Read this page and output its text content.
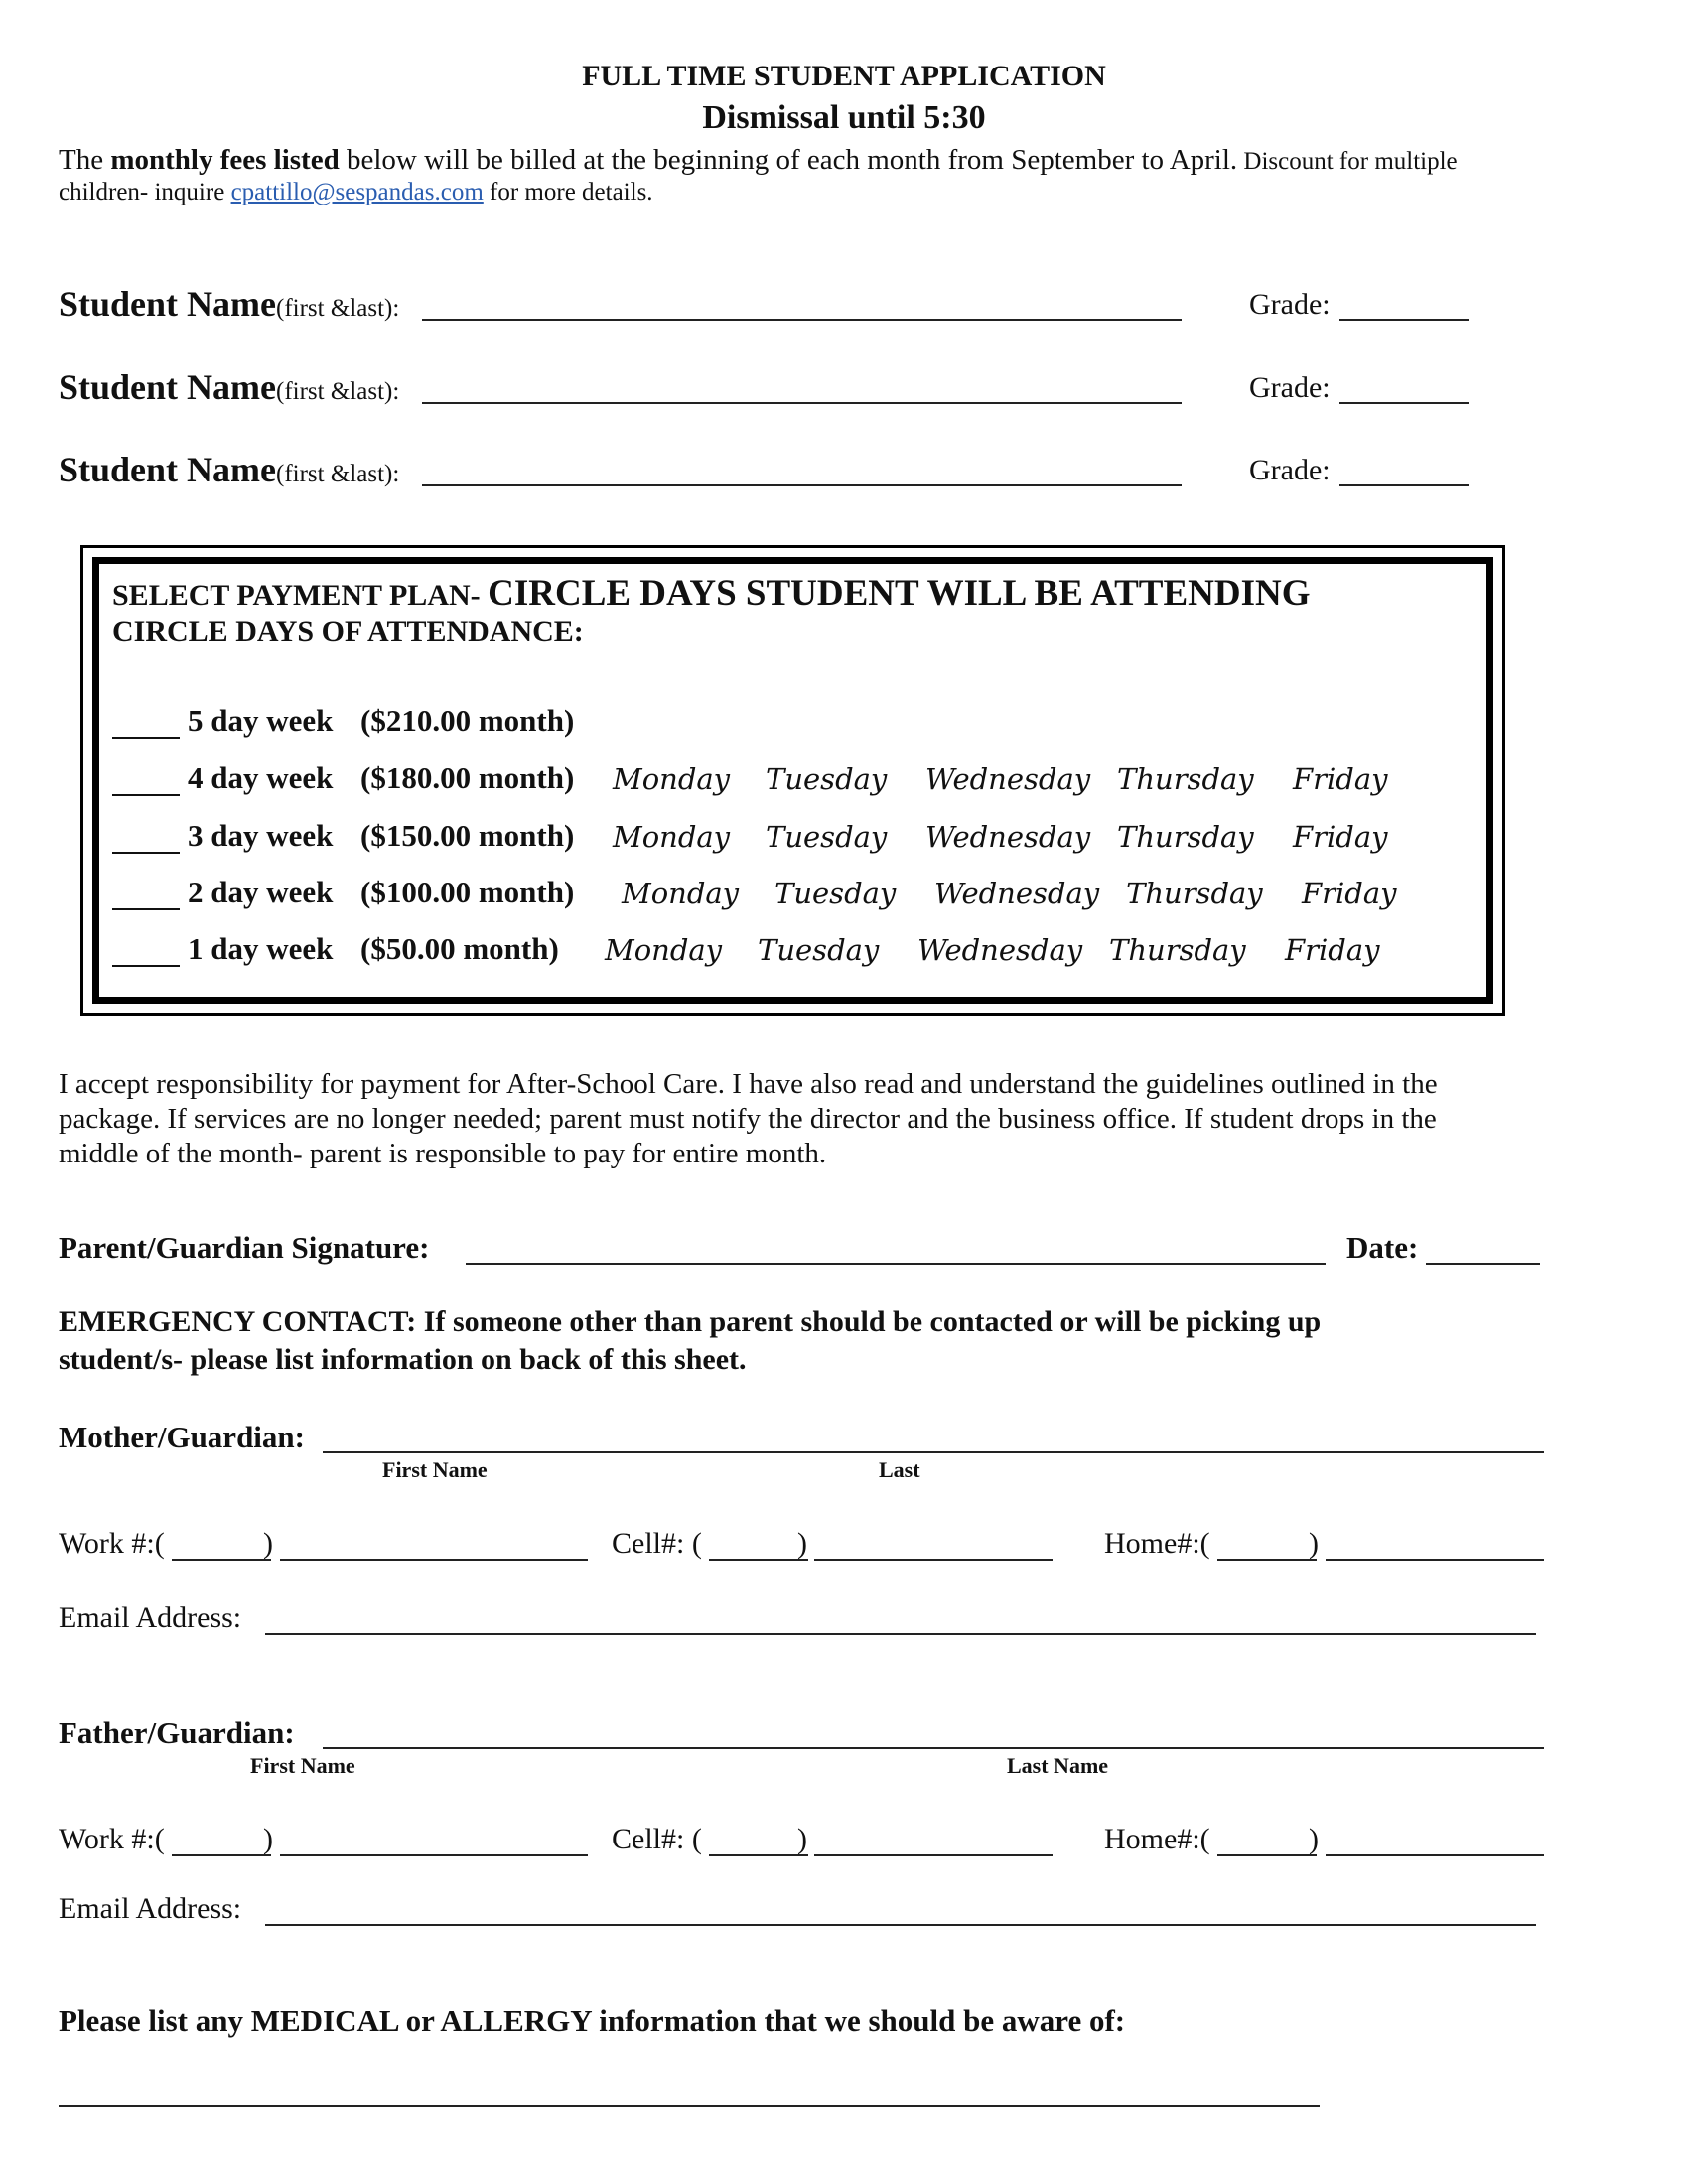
FULL TIME STUDENT APPLICATION
Dismissal until 5:30
The monthly fees listed below will be billed at the beginning of each month from September to April. Discount for multiple
children- inquire cpattillo@sespandas.com for more details.
Student Name(first &last):	Grade:
Student Name(first &last):	Grade:
Student Name(first &last):	Grade:
SELECT PAYMENT PLAN- CIRCLE DAYS STUDENT WILL BE ATTENDING
CIRCLE DAYS OF ATTENDANCE:
5 day week ($210.00 month)
4 day week ($180.00 month) Monday Tuesday Wednesday Thursday Friday
3 day week ($150.00 month) Monday Tuesday Wednesday Thursday Friday
2 day week ($100.00 month) Monday Tuesday Wednesday Thursday Friday
1 day week ($50.00 month) Monday Tuesday Wednesday Thursday Friday
I accept responsibility for payment for After-School Care. I have also read and understand the guidelines outlined in the
package. If services are no longer needed; parent must notify the director and the business office. If student drops in the
middle of the month- parent is responsible to pay for entire month.
Parent/Guardian Signature:	Date:
EMERGENCY CONTACT: If someone other than parent should be contacted or will be picking up
student/s- please list information on back of this sheet.
Mother/Guardian:
First Name	Last
Work #:(	)	Cell#: (	)	Home#:(	)
Email Address:
Father/Guardian:
First Name	Last Name
Work #:(	)	Cell#: (	)	Home#:(	)
Email Address:
Please list any MEDICAL or ALLERGY information that we should be aware of:
